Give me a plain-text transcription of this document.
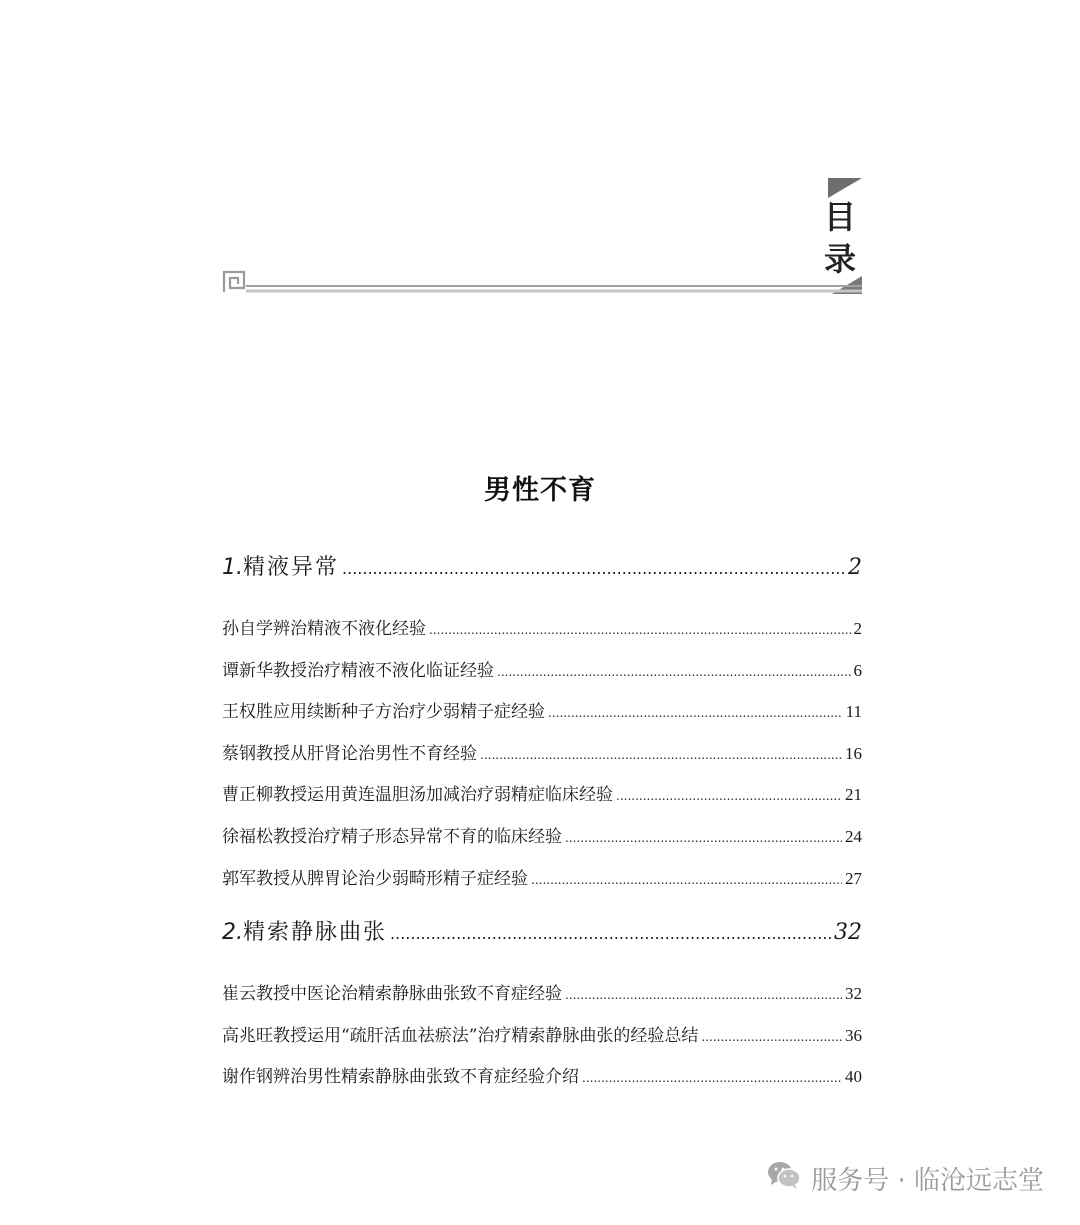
目
录
男性不育
1. 精液异常 .....	2
孙自学辨治精液不液化经验 .....	2
谭新华教授治疗精液不液化临证经验 .....	6
王权胜应用续断种子方治疗少弱精子症经验 .....	11
蔡钢教授从肝肾论治男性不育经验 .....	16
曹正柳教授运用黄连温胆汤加减治疗弱精症临床经验 .....	21
徐福松教授治疗精子形态异常不育的临床经验 .....	24
郭军教授从脾胃论治少弱畸形精子症经验 .....	27
2. 精索静脉曲张 .....	32
崔云教授中医论治精索静脉曲张致不育症经验 .....	32
高兆旺教授运用“疏肝活血祛瘀法”治疗精索静脉曲张的经验总结 .....	36
谢作钢辨治男性精索静脉曲张致不育症经验介绍 .....	40
服务号 · 临沧远志堂
